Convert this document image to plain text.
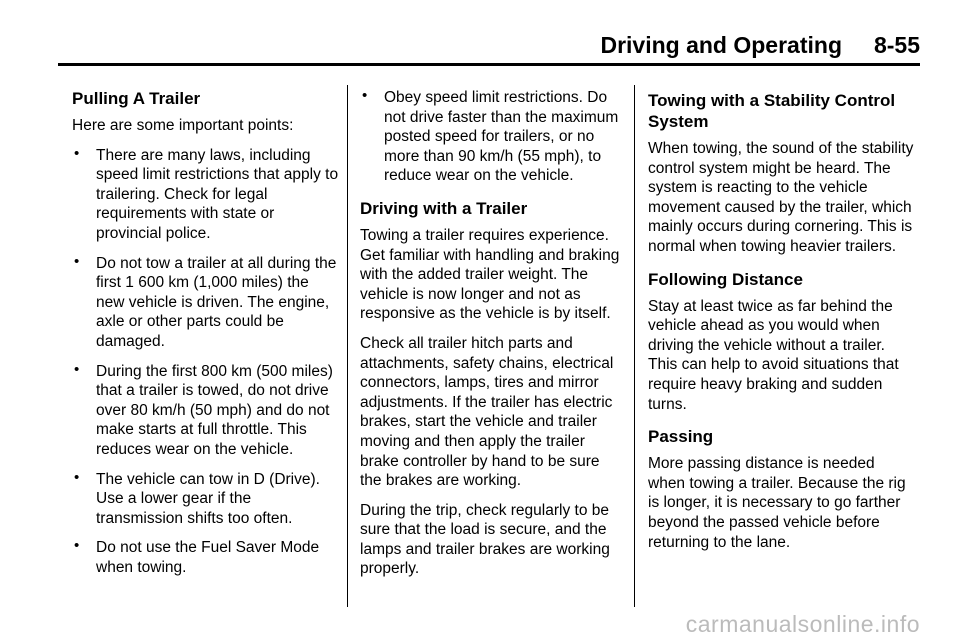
Driving and Operating 8-55
Pulling A Trailer

Here are some important points:

• There are many laws, including speed limit restrictions that apply to trailering. Check for legal requirements with state or provincial police.
• Do not tow a trailer at all during the first 1 600 km (1,000 miles) the new vehicle is driven. The engine, axle or other parts could be damaged.
• During the first 800 km (500 miles) that a trailer is towed, do not drive over 80 km/h (50 mph) and do not make starts at full throttle. This reduces wear on the vehicle.
• The vehicle can tow in D (Drive). Use a lower gear if the transmission shifts too often.
• Do not use the Fuel Saver Mode when towing.
• Obey speed limit restrictions. Do not drive faster than the maximum posted speed for trailers, or no more than 90 km/h (55 mph), to reduce wear on the vehicle.
Driving with a Trailer

Towing a trailer requires experience. Get familiar with handling and braking with the added trailer weight. The vehicle is now longer and not as responsive as the vehicle is by itself.

Check all trailer hitch parts and attachments, safety chains, electrical connectors, lamps, tires and mirror adjustments. If the trailer has electric brakes, start the vehicle and trailer moving and then apply the trailer brake controller by hand to be sure the brakes are working.

During the trip, check regularly to be sure that the load is secure, and the lamps and trailer brakes are working properly.

Towing with a Stability Control System

When towing, the sound of the stability control system might be heard. The system is reacting to the vehicle movement caused by the trailer, which mainly occurs during cornering. This is normal when towing heavier trailers.

Following Distance

Stay at least twice as far behind the vehicle ahead as you would when driving the vehicle without a trailer. This can help to avoid situations that require heavy braking and sudden turns.

Passing

More passing distance is needed when towing a trailer. Because the rig is longer, it is necessary to go farther beyond the passed vehicle before returning to the lane.

carmanualsonline.info
